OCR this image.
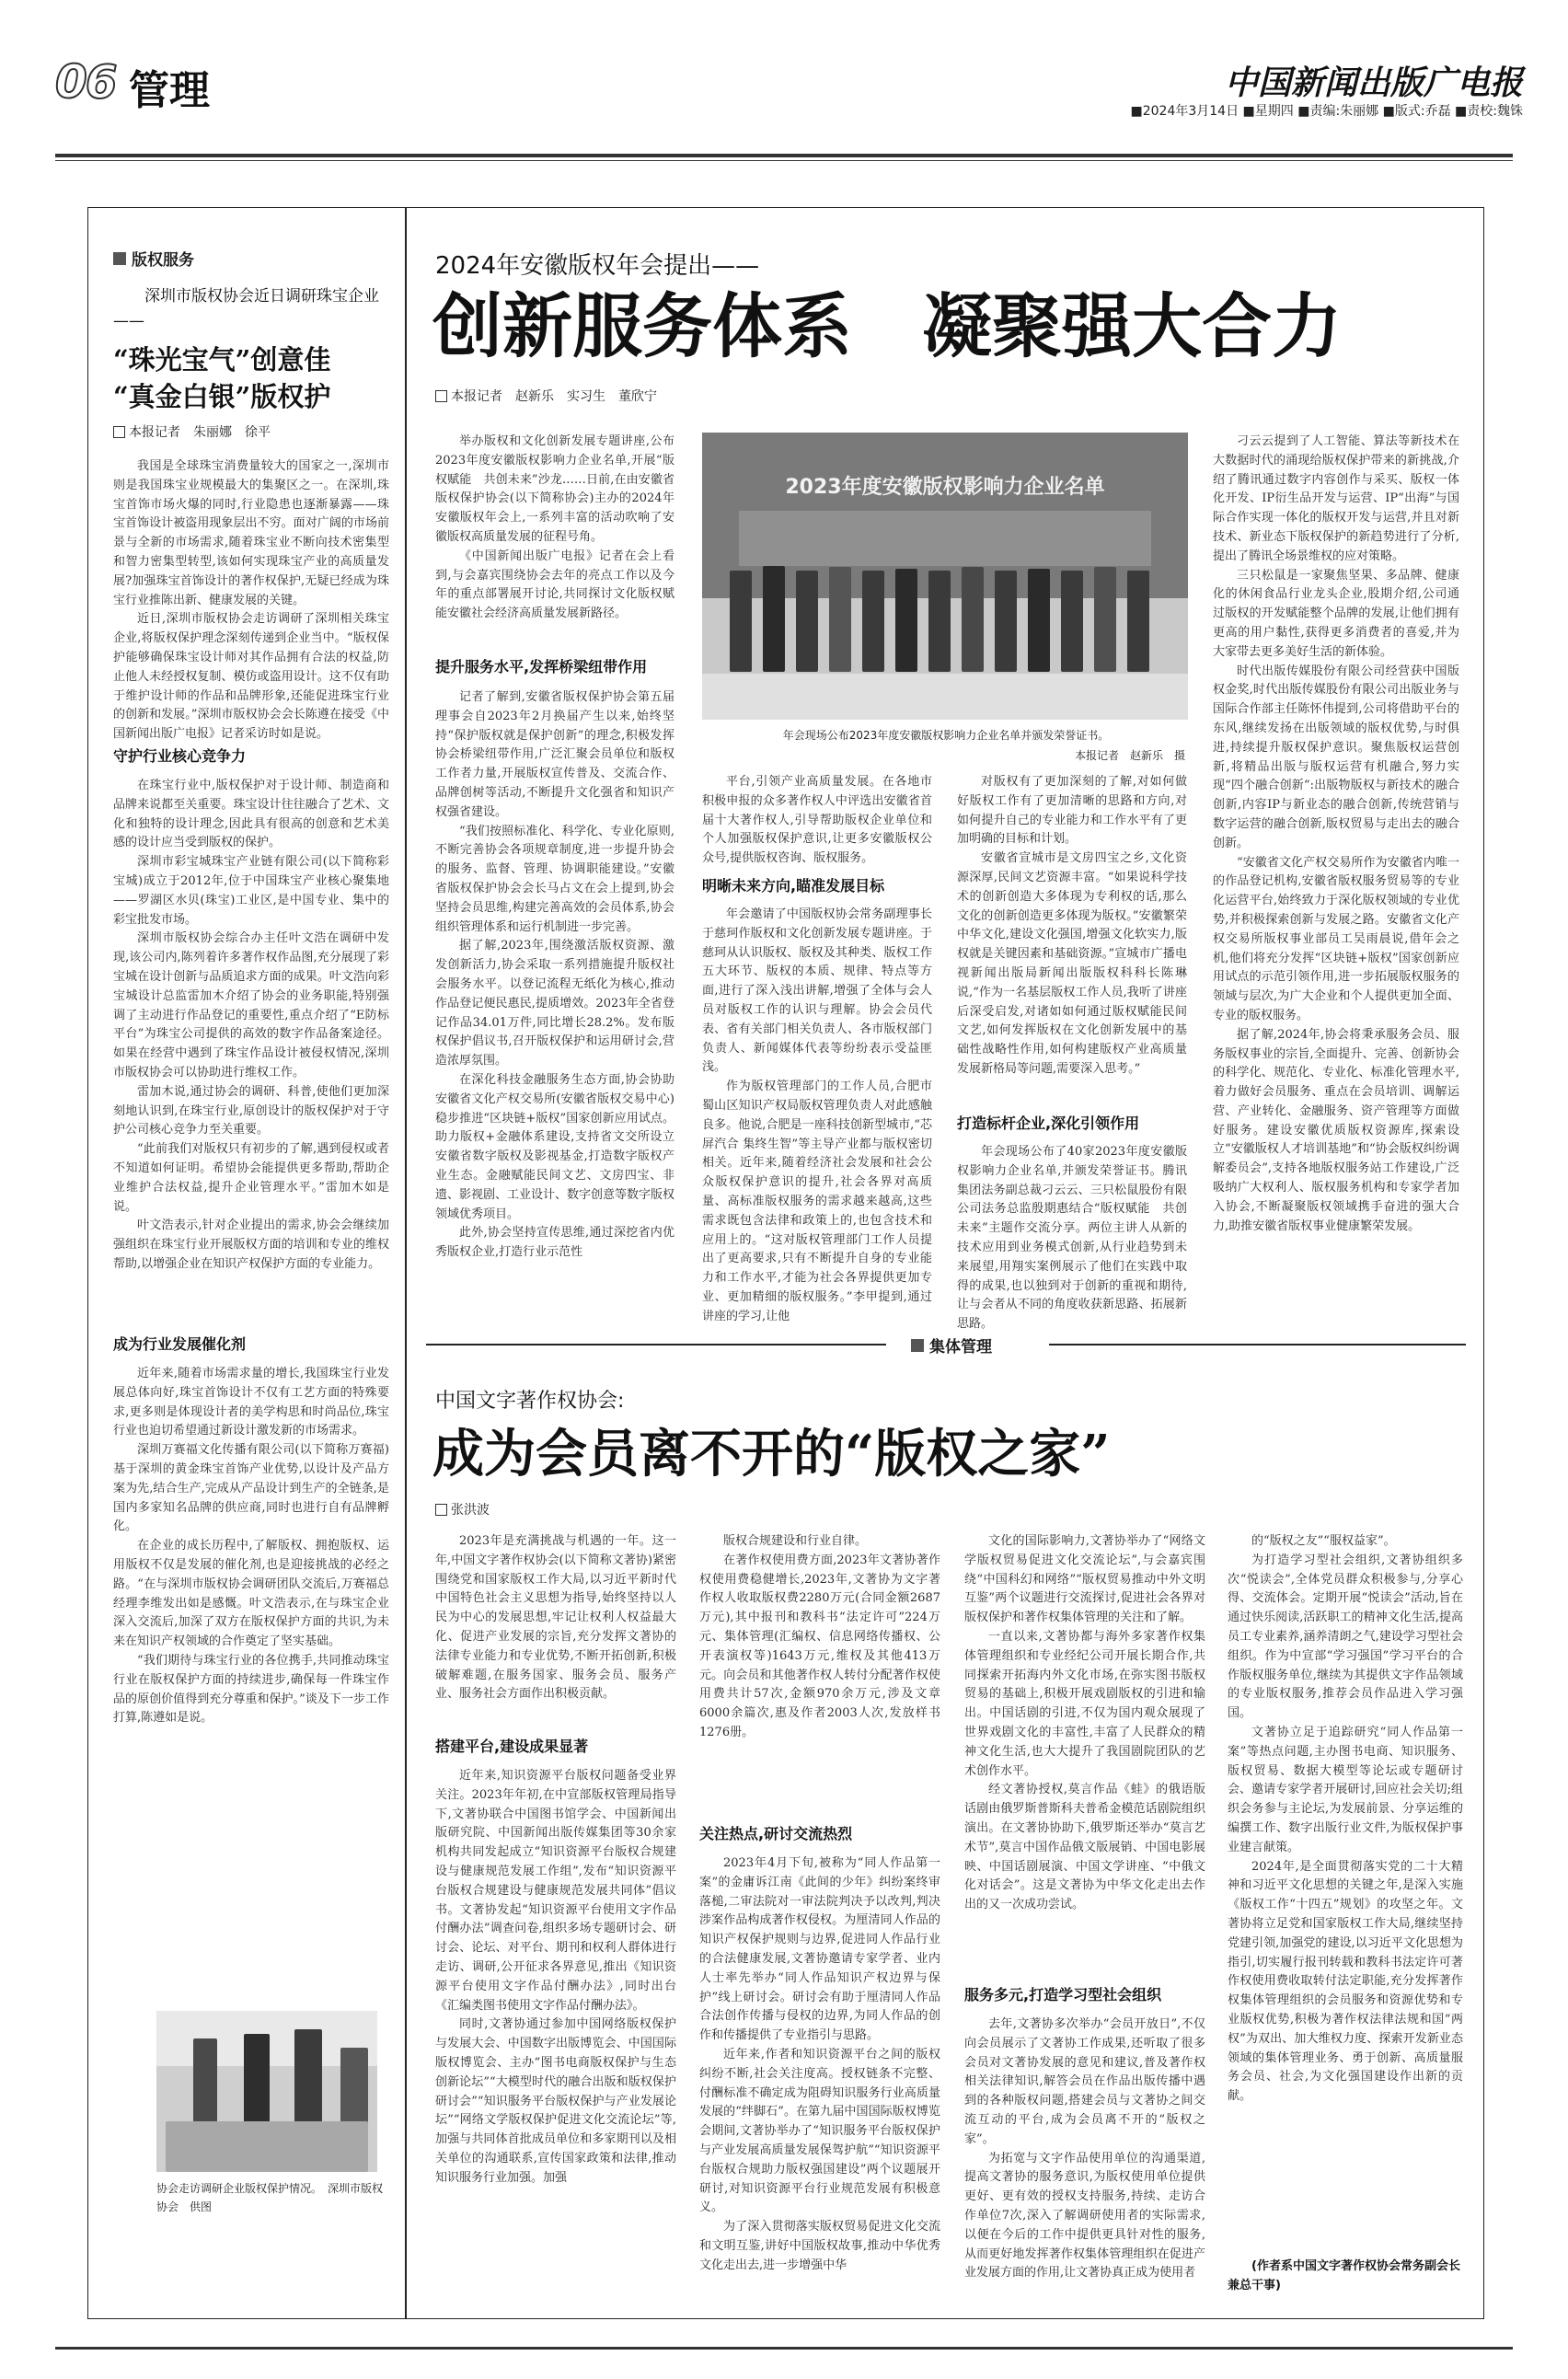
06 管理	中国新闻出版广电报
■2024年3月14日 ■星期四 ■责编:朱丽娜 ■版式:乔磊 ■责校:魏铢
版权服务
深圳市版权协会近日调研珠宝企业——
“珠光宝气”创意佳
“真金白银”版权护
本报记者　朱丽娜　徐平

我国是全球珠宝消费量较大的国家之一,深圳市则是我国珠宝业规模最大的集聚区之一。在深圳,珠宝首饰市场火爆的同时,行业隐患也逐渐暴露——珠宝首饰设计被盗用现象层出不穷。面对广阔的市场前景与全新的市场需求,随着珠宝业不断向技术密集型和智力密集型转型,该如何实现珠宝产业的高质量发展?加强珠宝首饰设计的著作权保护,无疑已经成为珠宝行业推陈出新、健康发展的关键。

近日,深圳市版权协会走访调研了深圳相关珠宝企业,将版权保护理念深刻传递到企业当中。“版权保护能够确保珠宝设计师对其作品拥有合法的权益,防止他人未经授权复制、模仿或盗用设计。这不仅有助于维护设计师的作品和品牌形象,还能促进珠宝行业的创新和发展。”深圳市版权协会会长陈遵在接受《中国新闻出版广电报》记者采访时如是说。

守护行业核心竞争力

在珠宝行业中,版权保护对于设计师、制造商和品牌来说都至关重要。珠宝设计往往融合了艺术、文化和独特的设计理念,因此具有很高的创意和艺术美感的设计应当受到版权的保护。

深圳市彩宝城珠宝产业链有限公司(以下简称彩宝城)成立于2012年,位于中国珠宝产业核心聚集地——罗湖区水贝(珠宝)工业区,是中国专业、集中的彩宝批发市场。

深圳市版权协会综合办主任叶文浩在调研中发现,该公司内,陈列着许多著作权作品图,充分展现了彩宝城在设计创新与品质追求方面的成果。叶文浩向彩宝城设计总监雷加木介绍了协会的业务职能,特别强调了主动进行作品登记的重要性,重点介绍了“E防标平台”为珠宝公司提供的高效的数字作品备案途径。如果在经营中遇到了珠宝作品设计被侵权情况,深圳市版权协会可以协助进行维权工作。

雷加木说,通过协会的调研、科普,使他们更加深刻地认识到,在珠宝行业,原创设计的版权保护对于守护公司核心竞争力至关重要。

“此前我们对版权只有初步的了解,遇到侵权或者不知道如何证明。希望协会能提供更多帮助,帮助企业维护合法权益,提升企业管理水平。”雷加木如是说。

叶文浩表示,针对企业提出的需求,协会会继续加强组织在珠宝行业开展版权方面的培训和专业的维权帮助,以增强企业在知识产权保护方面的专业能力。

成为行业发展催化剂

近年来,随着市场需求量的增长,我国珠宝行业发展总体向好,珠宝首饰设计不仅有工艺方面的特殊要求,更多则是体现设计者的美学构思和时尚品位,珠宝行业也迫切希望通过新设计激发新的市场需求。

深圳万赛福文化传播有限公司(以下简称万赛福)基于深圳的黄金珠宝首饰产业优势,以设计及产品方案为先,结合生产,完成从产品设计到生产的全链条,是国内多家知名品牌的供应商,同时也进行自有品牌孵化。

在企业的成长历程中,了解版权、拥抱版权、运用版权不仅是发展的催化剂,也是迎接挑战的必经之路。“在与深圳市版权协会调研团队交流后,万赛福总经理李维发出如是感慨。叶文浩表示,在与珠宝企业深入交流后,加深了双方在版权保护方面的共识,为未来在知识产权领域的合作奠定了坚实基础。

“我们期待与珠宝行业的各位携手,共同推动珠宝行业在版权保护方面的持续进步,确保每一件珠宝作品的原创价值得到充分尊重和保护。”谈及下一步工作打算,陈遵如是说。

协会走访调研企业版权保护情况。　深圳市版权协会　供图
2024年安徽版权年会提出——
创新服务体系　凝聚强大合力
本报记者　赵新乐　实习生　董欣宁

举办版权和文化创新发展专题讲座,公布2023年度安徽版权影响力企业名单,开展“版权赋能　共创未来”沙龙……日前,在由安徽省版权保护协会(以下简称协会)主办的2024年安徽版权年会上,一系列丰富的活动吹响了安徽版权高质量发展的征程号角。

《中国新闻出版广电报》记者在会上看到,与会嘉宾围绕协会去年的亮点工作以及今年的重点部署展开讨论,共同探讨文化版权赋能安徽社会经济高质量发展新路径。

提升服务水平,发挥桥梁纽带作用

记者了解到,安徽省版权保护协会第五届理事会自2023年2月换届产生以来,始终坚持“保护版权就是保护创新”的理念,积极发挥协会桥梁纽带作用,广泛汇聚会员单位和版权工作者力量,开展版权宣传普及、交流合作、品牌创树等活动,不断提升文化强省和知识产权强省建设。

“我们按照标准化、科学化、专业化原则,不断完善协会各项规章制度,进一步提升协会的服务、监督、管理、协调职能建设。”安徽省版权保护协会会长马占文在会上提到,协会坚持会员思维,构建完善高效的会员体系,协会组织管理体系和运行机制进一步完善。

据了解,2023年,围绕激活版权资源、激发创新活力,协会采取一系列措施提升版权社会服务水平。以登记流程无纸化为核心,推动作品登记便民惠民,提质增效。2023年全省登记作品34.01万件,同比增长28.2%。发布版权保护倡议书,召开版权保护和运用研讨会,营造浓厚氛围。

在深化科技金融服务生态方面,协会协助安徽省文化产权交易所(安徽省版权交易中心)稳步推进“区块链+版权”国家创新应用试点。助力版权+金融体系建设,支持省文交所设立安徽省数字版权及影视基金,打造数字版权产业生态。金融赋能民间文艺、文房四宝、非遗、影视剧、工业设计、数字创意等数字版权领域优秀项目。

此外,协会坚持宣传思维,通过深挖省内优秀版权企业,打造行业示范性

2023年度安徽版权影响力企业名单
年会现场公布2023年度安徽版权影响力企业名单并颁发荣誉证书。
本报记者　赵新乐　摄

平台,引领产业高质量发展。在各地市积极申报的众多著作权人中评选出安徽省首届十大著作权人,引导帮助版权企业单位和个人加强版权保护意识,让更多安徽版权公众号,提供版权咨询、版权服务。

明晰未来方向,瞄准发展目标

年会邀请了中国版权协会常务副理事长于慈珂作版权和文化创新发展专题讲座。于慈珂从认识版权、版权及其种类、版权工作五大环节、版权的本质、规律、特点等方面,进行了深入浅出讲解,增强了全体与会人员对版权工作的认识与理解。协会会员代表、省有关部门相关负责人、各市版权部门负责人、新闻媒体代表等纷纷表示受益匪浅。

作为版权管理部门的工作人员,合肥市蜀山区知识产权局版权管理负责人对此感触良多。他说,合肥是一座科技创新型城市,“芯屏汽合 集终生智”等主导产业都与版权密切相关。近年来,随着经济社会发展和社会公众版权保护意识的提升,社会各界对高质量、高标准版权服务的需求越来越高,这些需求既包含法律和政策上的,也包含技术和应用上的。“这对版权管理部门工作人员提出了更高要求,只有不断提升自身的专业能力和工作水平,才能为社会各界提供更加专业、更加精细的版权服务。”李甲提到,通过讲座的学习,让他

对版权有了更加深刻的了解,对如何做好版权工作有了更加清晰的思路和方向,对如何提升自己的专业能力和工作水平有了更加明确的目标和计划。

安徽省宣城市是文房四宝之乡,文化资源深厚,民间文艺资源丰富。“如果说科学技术的创新创造大多体现为专利权的话,那么文化的创新创造更多体现为版权。”安徽繁荣中华文化,建设文化强国,增强文化软实力,版权就是关键因素和基础资源。”宣城市广播电视新闻出版局新闻出版版权科科长陈琳说,“作为一名基层版权工作人员,我听了讲座后深受启发,对诸如如何通过版权赋能民间文艺,如何发挥版权在文化创新发展中的基础性战略性作用,如何构建版权产业高质量发展新格局等问题,需要深入思考。”

打造标杆企业,深化引领作用

年会现场公布了40家2023年度安徽版权影响力企业名单,并颁发荣誉证书。腾讯集团法务副总裁刁云云、三只松鼠股份有限公司法务总监殷期惠结合“版权赋能　共创未来”主题作交流分享。两位主讲人从新的技术应用到业务模式创新,从行业趋势到未来展望,用翔实案例展示了他们在实践中取得的成果,也以独到对于创新的重视和期待,让与会者从不同的角度收获新思路、拓展新思路。

刁云云提到了人工智能、算法等新技术在大数据时代的涌现给版权保护带来的新挑战,介绍了腾讯通过数字内容创作与采买、版权一体化开发、IP衍生品开发与运营、IP“出海”与国际合作实现一体化的版权开发与运营,并且对新技术、新业态下版权保护的新趋势进行了分析,提出了腾讯全场景维权的应对策略。

三只松鼠是一家聚焦坚果、多品牌、健康化的休闲食品行业龙头企业,股期介绍,公司通过版权的开发赋能整个品牌的发展,让他们拥有更高的用户黏性,获得更多消费者的喜爱,并为大家带去更多美好生活的新体验。

时代出版传媒股份有限公司经营获中国版权金奖,时代出版传媒股份有限公司出版业务与国际合作部主任陈怀伟提到,公司将借助平台的东风,继续发扬在出版领域的版权优势,与时俱进,持续提升版权保护意识。聚焦版权运营创新,将精品出版与版权运营有机融合,努力实现“四个融合创新”:出版物版权与新技术的融合创新,内容IP与新业态的融合创新,传统营销与数字运营的融合创新,版权贸易与走出去的融合创新。

“安徽省文化产权交易所作为安徽省内唯一的作品登记机构,安徽省版权服务贸易等的专业化运营平台,始终致力于深化版权领域的专业优势,并积极探索创新与发展之路。安徽省文化产权交易所版权事业部员工吴雨晨说,借年会之机,他们将充分发挥“区块链+版权”国家创新应用试点的示范引领作用,进一步拓展版权服务的领域与层次,为广大企业和个人提供更加全面、专业的版权服务。

据了解,2024年,协会将秉承服务会员、服务版权事业的宗旨,全面提升、完善、创新协会的科学化、规范化、专业化、标准化管理水平,着力做好会员服务、重点在会员培训、调解运营、产业转化、金融服务、资产管理等方面做好服务。建设安徽优质版权资源库,探索设立“安徽版权人才培训基地”和“协会版权纠纷调解委员会”,支持各地版权服务站工作建设,广泛吸纳广大权利人、版权服务机构和专家学者加入协会,不断凝聚版权领域携手奋进的强大合力,助推安徽省版权事业健康繁荣发展。

集体管理
中国文字著作权协会:
成为会员离不开的“版权之家”
张洪波

2023年是充满挑战与机遇的一年。这一年,中国文字著作权协会(以下简称文著协)紧密围绕党和国家版权工作大局,以习近平新时代中国特色社会主义思想为指导,始终坚持以人民为中心的发展思想,牢记让权利人权益最大化、促进产业发展的宗旨,充分发挥文著协的法律专业能力和专业优势,不断开拓创新,积极破解难题,在服务国家、服务会员、服务产业、服务社会方面作出积极贡献。

搭建平台,建设成果显著

近年来,知识资源平台版权问题备受业界关注。2023年年初,在中宣部版权管理局指导下,文著协联合中国图书馆学会、中国新闻出版研究院、中国新闻出版传媒集团等30余家机构共同发起成立“知识资源平台版权合规建设与健康规范发展工作组”,发布“知识资源平台版权合规建设与健康规范发展共同体”倡议书。文著协发起“知识资源平台使用文字作品付酬办法”调查问卷,组织多场专题研讨会、研讨会、论坛、对平台、期刊和权利人群体进行走访、调研,公开征求各界意见,推出《知识资源平台使用文字作品付酬办法》,同时出台《汇编类图书使用文字作品付酬办法》。

同时,文著协通过参加中国网络版权保护与发展大会、中国数字出版博览会、中国国际版权博览会、主办“图书电商版权保护与生态创新论坛”“大模型时代的融合出版和版权保护研讨会”“知识服务平台版权保护与产业发展论坛”“网络文学版权保护促进文化交流论坛”等,加强与共同体首批成员单位和多家期刊以及相关单位的沟通联系,宣传国家政策和法律,推动知识服务行业加强。加强

版权合规建设和行业自律。

在著作权使用费方面,2023年文著协著作权使用费稳健增长,2023年,文著协为文字著作权人收取版权费2280万元(合同金额2687万元),其中报刊和教科书“法定许可”224万元、集体管理(汇编权、信息网络传播权、公开表演权等)1643万元,维权及其他413万元。向会员和其他著作权人转付分配著作权使用费共计57次,金额970余万元,涉及文章6000余篇次,惠及作者2003人次,发放样书1276册。

关注热点,研讨交流热烈

2023年4月下旬,被称为“同人作品第一案”的金庸诉江南《此间的少年》纠纷案终审落槌,二审法院对一审法院判决予以改判,判决涉案作品构成著作权侵权。为厘清同人作品的知识产权保护规则与边界,促进同人作品行业的合法健康发展,文著协邀请专家学者、业内人士率先举办“同人作品知识产权边界与保护”线上研讨会。研讨会有助于厘清同人作品合法创作传播与侵权的边界,为同人作品的创作和传播提供了专业指引与思路。

近年来,作者和知识资源平台之间的版权纠纷不断,社会关注度高。授权链条不完整、付酬标准不确定成为阻碍知识服务行业高质量发展的“绊脚石”。在第九届中国国际版权博览会期间,文著协举办了“知识服务平台版权保护与产业发展高质量发展保驾护航”“知识资源平台版权合规助力版权强国建设”两个议题展开研讨,对知识资源平台行业规范发展有积极意义。

为了深入贯彻落实版权贸易促进文化交流和文明互鉴,讲好中国版权故事,推动中华优秀文化走出去,进一步增强中华

文化的国际影响力,文著协举办了“网络文学版权贸易促进文化交流论坛”,与会嘉宾围绕“中国科幻和网络”“版权贸易推动中外文明互鉴”两个议题进行交流探讨,促进社会各界对版权保护和著作权集体管理的关注和了解。

一直以来,文著协都与海外多家著作权集体管理组织和专业经纪公司开展长期合作,共同探索开拓海内外文化市场,在弥实图书版权贸易的基础上,积极开展戏剧版权的引进和输出。中国话剧的引进,不仅为国内观众展现了世界戏剧文化的丰富性,丰富了人民群众的精神文化生活,也大大提升了我国剧院团队的艺术创作水平。

经文著协授权,莫言作品《蛙》的俄语版话剧由俄罗斯普斯科夫普希金模范话剧院组织演出。在文著协协助下,俄罗斯还举办“莫言艺术节”,莫言中国作品俄文版展销、中国电影展映、中国话剧展演、中国文学讲座、“中俄文化对话会”。这是文著协为中华文化走出去作出的又一次成功尝试。

服务多元,打造学习型社会组织

去年,文著协多次举办“会员开放日”,不仅向会员展示了文著协工作成果,还听取了很多会员对文著协发展的意见和建议,普及著作权相关法律知识,解答会员在作品出版传播中遇到的各种版权问题,搭建会员与文著协之间交流互动的平台,成为会员离不开的“版权之家”。

为拓宽与文字作品使用单位的沟通渠道,提高文著协的服务意识,为版权使用单位提供更好、更有效的授权支持服务,持续、走访合作单位7次,深入了解调研使用者的实际需求,以便在今后的工作中提供更具针对性的服务,从而更好地发挥著作权集体管理组织在促进产业发展方面的作用,让文著协真正成为使用者

的“版权之友”“服权益家”。

为打造学习型社会组织,文著协组织多次“悦读会”,全体党员群众积极参与,分享心得、交流体会。定期开展“悦读会”活动,旨在通过快乐阅读,活跃职工的精神文化生活,提高员工专业素养,涵养清朗之气,建设学习型社会组织。作为中宣部“学习强国”学习平台的合作版权服务单位,继续为其提供文字作品领域的专业版权服务,推荐会员作品进入学习强国。

文著协立足于追踪研究“同人作品第一案”等热点问题,主办图书电商、知识服务、版权贸易、数据大模型等论坛或专题研讨会、邀请专家学者开展研讨,回应社会关切;组织会务参与主论坛,为发展前景、分享运维的编撰工作、数字出版行业文件,为版权保护事业建言献策。

2024年,是全面贯彻落实党的二十大精神和习近平文化思想的关键之年,是深入实施《版权工作“十四五”规划》的攻坚之年。文著协将立足党和国家版权工作大局,继续坚持党建引领,加强党的建设,以习近平文化思想为指引,切实履行报刊转载和教科书法定许可著作权使用费收取转付法定职能,充分发挥著作权集体管理组织的会员服务和资源优势和专业版权优势,积极为著作权法律法规和国“两权”为双出、加大维权力度、探索开发新业态领域的集体管理业务、勇于创新、高质量服务会员、社会,为文化强国建设作出新的贡献。

(作者系中国文字著作权协会常务副会长兼总干事)
